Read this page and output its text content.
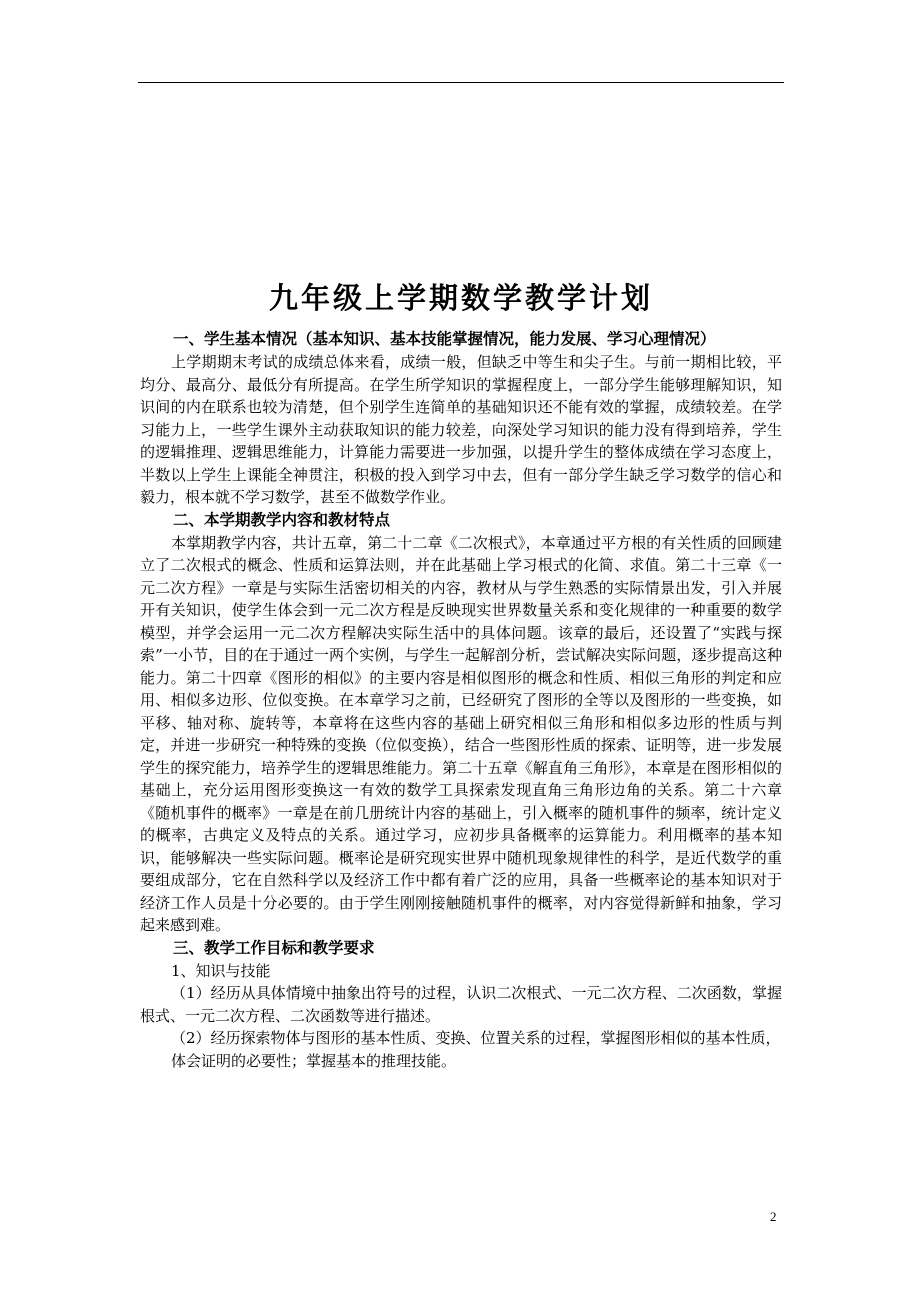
九年级上学期数学教学计划

一、学生基本情况（基本知识、基本技能掌握情况，能力发展、学习心理情况）

上学期期末考试的成绩总体来看，成绩一般，但缺乏中等生和尖子生。与前一期相比较，平均分、最高分、最低分有所提高。在学生所学知识的掌握程度上，一部分学生能够理解知识，知识间的内在联系也较为清楚，但个别学生连简单的基础知识还不能有效的掌握，成绩较差。在学习能力上，一些学生课外主动获取知识的能力较差，向深处学习知识的能力没有得到培养，学生的逻辑推理、逻辑思维能力，计算能力需要进一步加强，以提升学生的整体成绩在学习态度上，半数以上学生上课能全神贯注，积极的投入到学习中去，但有一部分学生缺乏学习数学的信心和毅力，根本就不学习数学，甚至不做数学作业。

二、本学期教学内容和教材特点

本掌期教学内容，共计五章，第二十二章《二次根式》，本章通过平方根的有关性质的回顾建立了二次根式的概念、性质和运算法则，并在此基础上学习根式的化简、求值。第二十三章《一元二次方程》一章是与实际生活密切相关的内容，教材从与学生熟悉的实际情景出发，引入并展开有关知识，使学生体会到一元二次方程是反映现实世界数量关系和变化规律的一种重要的数学模型，并学会运用一元二次方程解决实际生活中的具体问题。该章的最后，还设置了“实践与探索”一小节，目的在于通过一两个实例，与学生一起解剖分析，尝试解决实际问题，逐步提高这种能力。第二十四章《图形的相似》的主要内容是相似图形的概念和性质、相似三角形的判定和应用、相似多边形、位似变换。在本章学习之前，已经研究了图形的全等以及图形的一些变换，如平移、轴对称、旋转等，本章将在这些内容的基础上研究相似三角形和相似多边形的性质与判定，并进一步研究一种特殊的变换（位似变换），结合一些图形性质的探索、证明等，进一步发展学生的探究能力，培养学生的逻辑思维能力。第二十五章《解直角三角形》，本章是在图形相似的基础上，充分运用图形变换这一有效的数学工具探索发现直角三角形边角的关系。第二十六章《随机事件的概率》一章是在前几册统计内容的基础上，引入概率的随机事件的频率，统计定义的概率，古典定义及特点的关系。通过学习，应初步具备概率的运算能力。利用概率的基本知识，能够解决一些实际问题。概率论是研究现实世界中随机现象规律性的科学，是近代数学的重要组成部分，它在自然科学以及经济工作中都有着广泛的应用，具备一些概率论的基本知识对于经济工作人员是十分必要的。由于学生刚刚接触随机事件的概率，对内容觉得新鲜和抽象，学习起来感到难。

三、教学工作目标和教学要求

1、知识与技能

（1）经历从具体情境中抽象出符号的过程，认识二次根式、一元二次方程、二次函数，掌握根式、一元二次方程、二次函数等进行描述。

（2）经历探索物体与图形的基本性质、变换、位置关系的过程，掌握图形相似的基本性质，

体会证明的必要性；掌握基本的推理技能。

2
